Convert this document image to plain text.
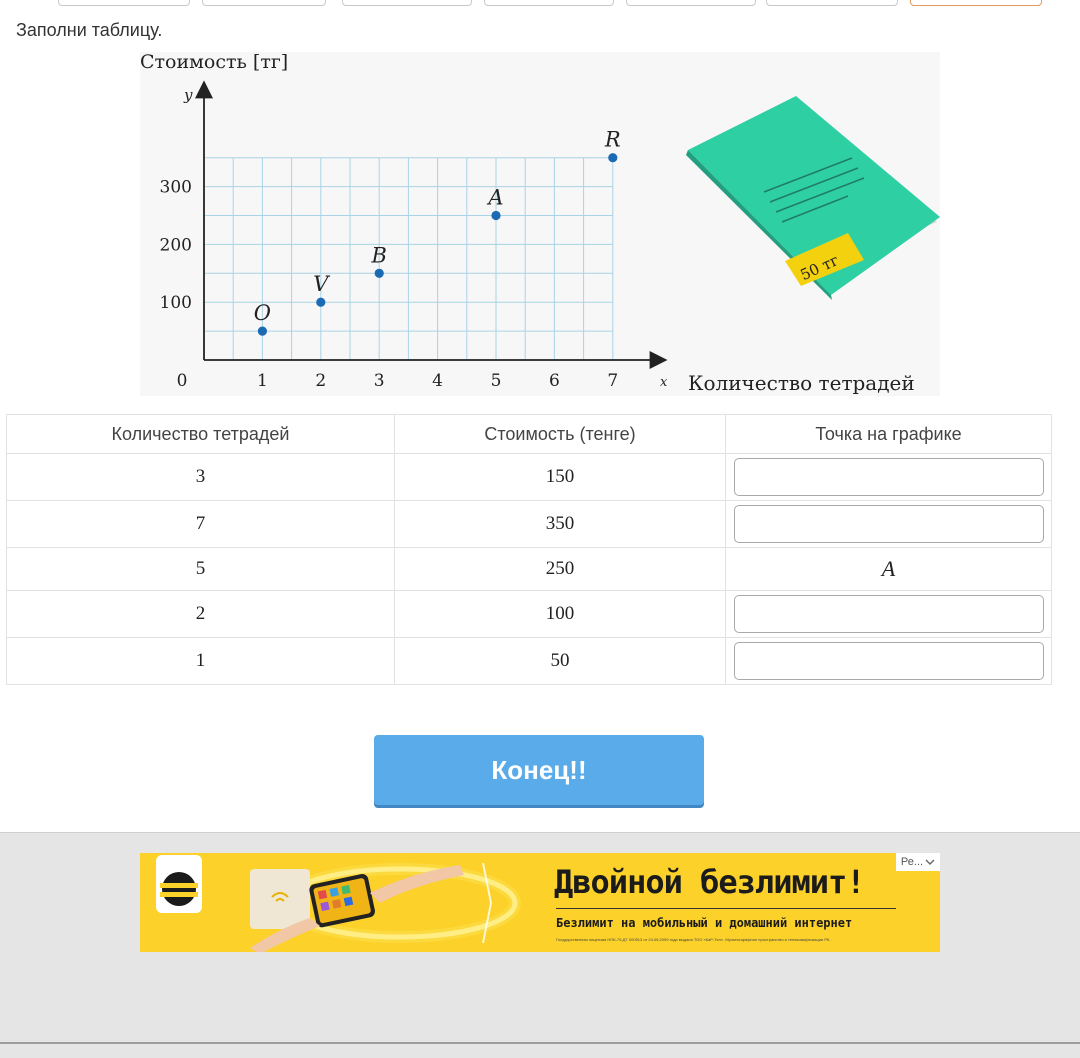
Заполни таблицу.
0	1	2	3	4	5	6	7
100
200
300
O
V
B
A
R
Стоимость [тг]
y
x Количество тетрадей
50 тг
Количество тетрадей	Стоимость (тенге)	Точка на графике
3	150	

7	350	

5	250	A
2	100	

1	50	
Конец!!
Двойной безлимит!
Безлимит на мобильный и домашний интернет
Государственная лицензия НПК-79-ДТ 000513 от 24.05.2009 года выдана ТОО «КаР-Тел». Мультитарифное пространство и телекоммуникации РК.
Ре...
